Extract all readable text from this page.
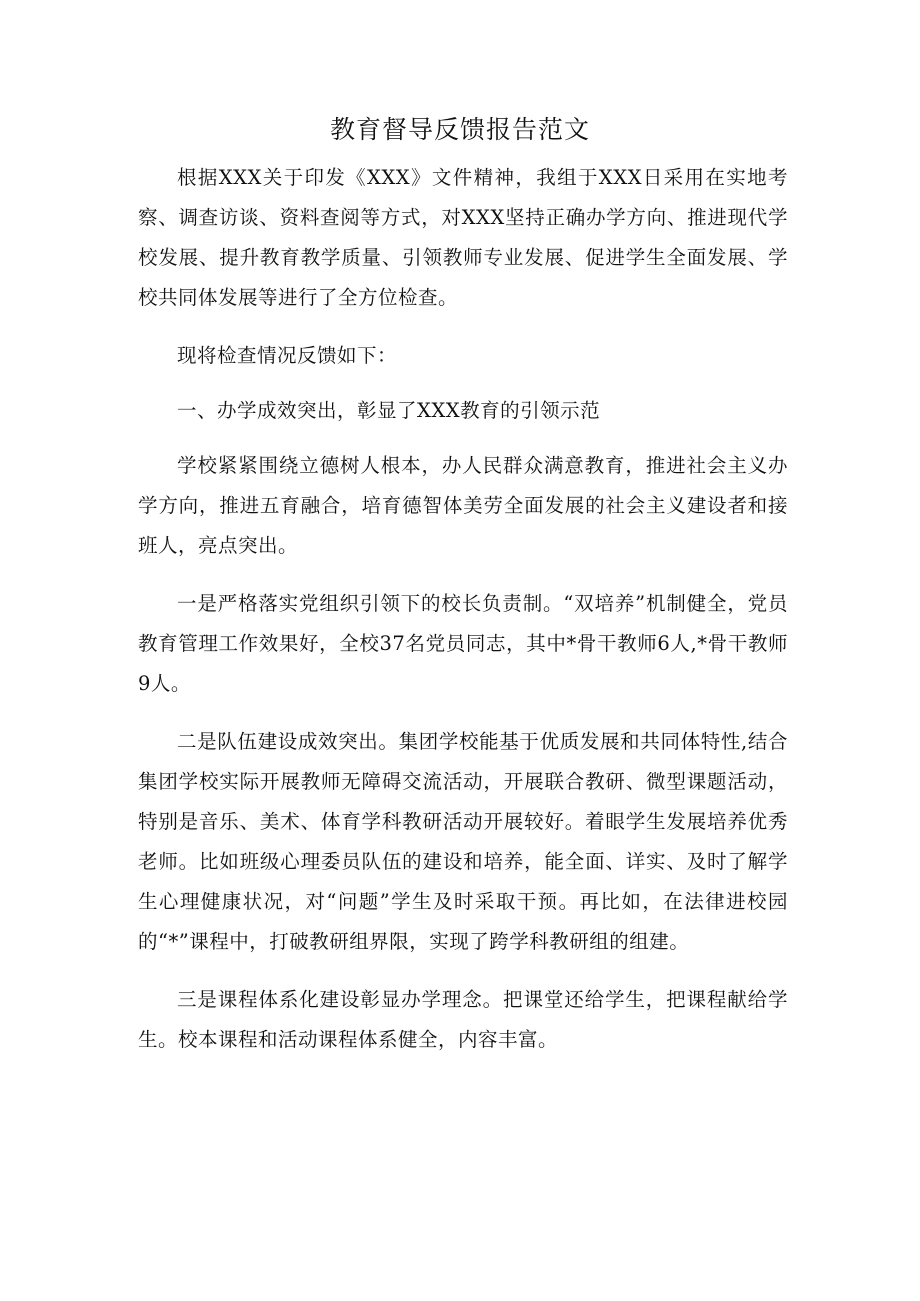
教育督导反馈报告范文

根据XXX关于印发《XXX》文件精神，我组于XXX日采用在实地考察、调查访谈、资料查阅等方式，对XXX坚持正确办学方向、推进现代学校发展、提升教育教学质量、引领教师专业发展、促进学生全面发展、学校共同体发展等进行了全方位检查。

现将检查情况反馈如下：

一、办学成效突出，彰显了XXX教育的引领示范

学校紧紧围绕立德树人根本，办人民群众满意教育，推进社会主义办学方向，推进五育融合，培育德智体美劳全面发展的社会主义建设者和接班人，亮点突出。

一是严格落实党组织引领下的校长负责制。“双培养”机制健全，党员教育管理工作效果好，全校37名党员同志，其中*骨干教师6人,*骨干教师9人。

二是队伍建设成效突出。集团学校能基于优质发展和共同体特性,结合集团学校实际开展教师无障碍交流活动，开展联合教研、微型课题活动，特别是音乐、美术、体育学科教研活动开展较好。着眼学生发展培养优秀老师。比如班级心理委员队伍的建设和培养，能全面、详实、及时了解学生心理健康状况，对“问题”学生及时采取干预。再比如，在法律进校园的“*”课程中，打破教研组界限，实现了跨学科教研组的组建。

三是课程体系化建设彰显办学理念。把课堂还给学生，把课程献给学生。校本课程和活动课程体系健全，内容丰富。
